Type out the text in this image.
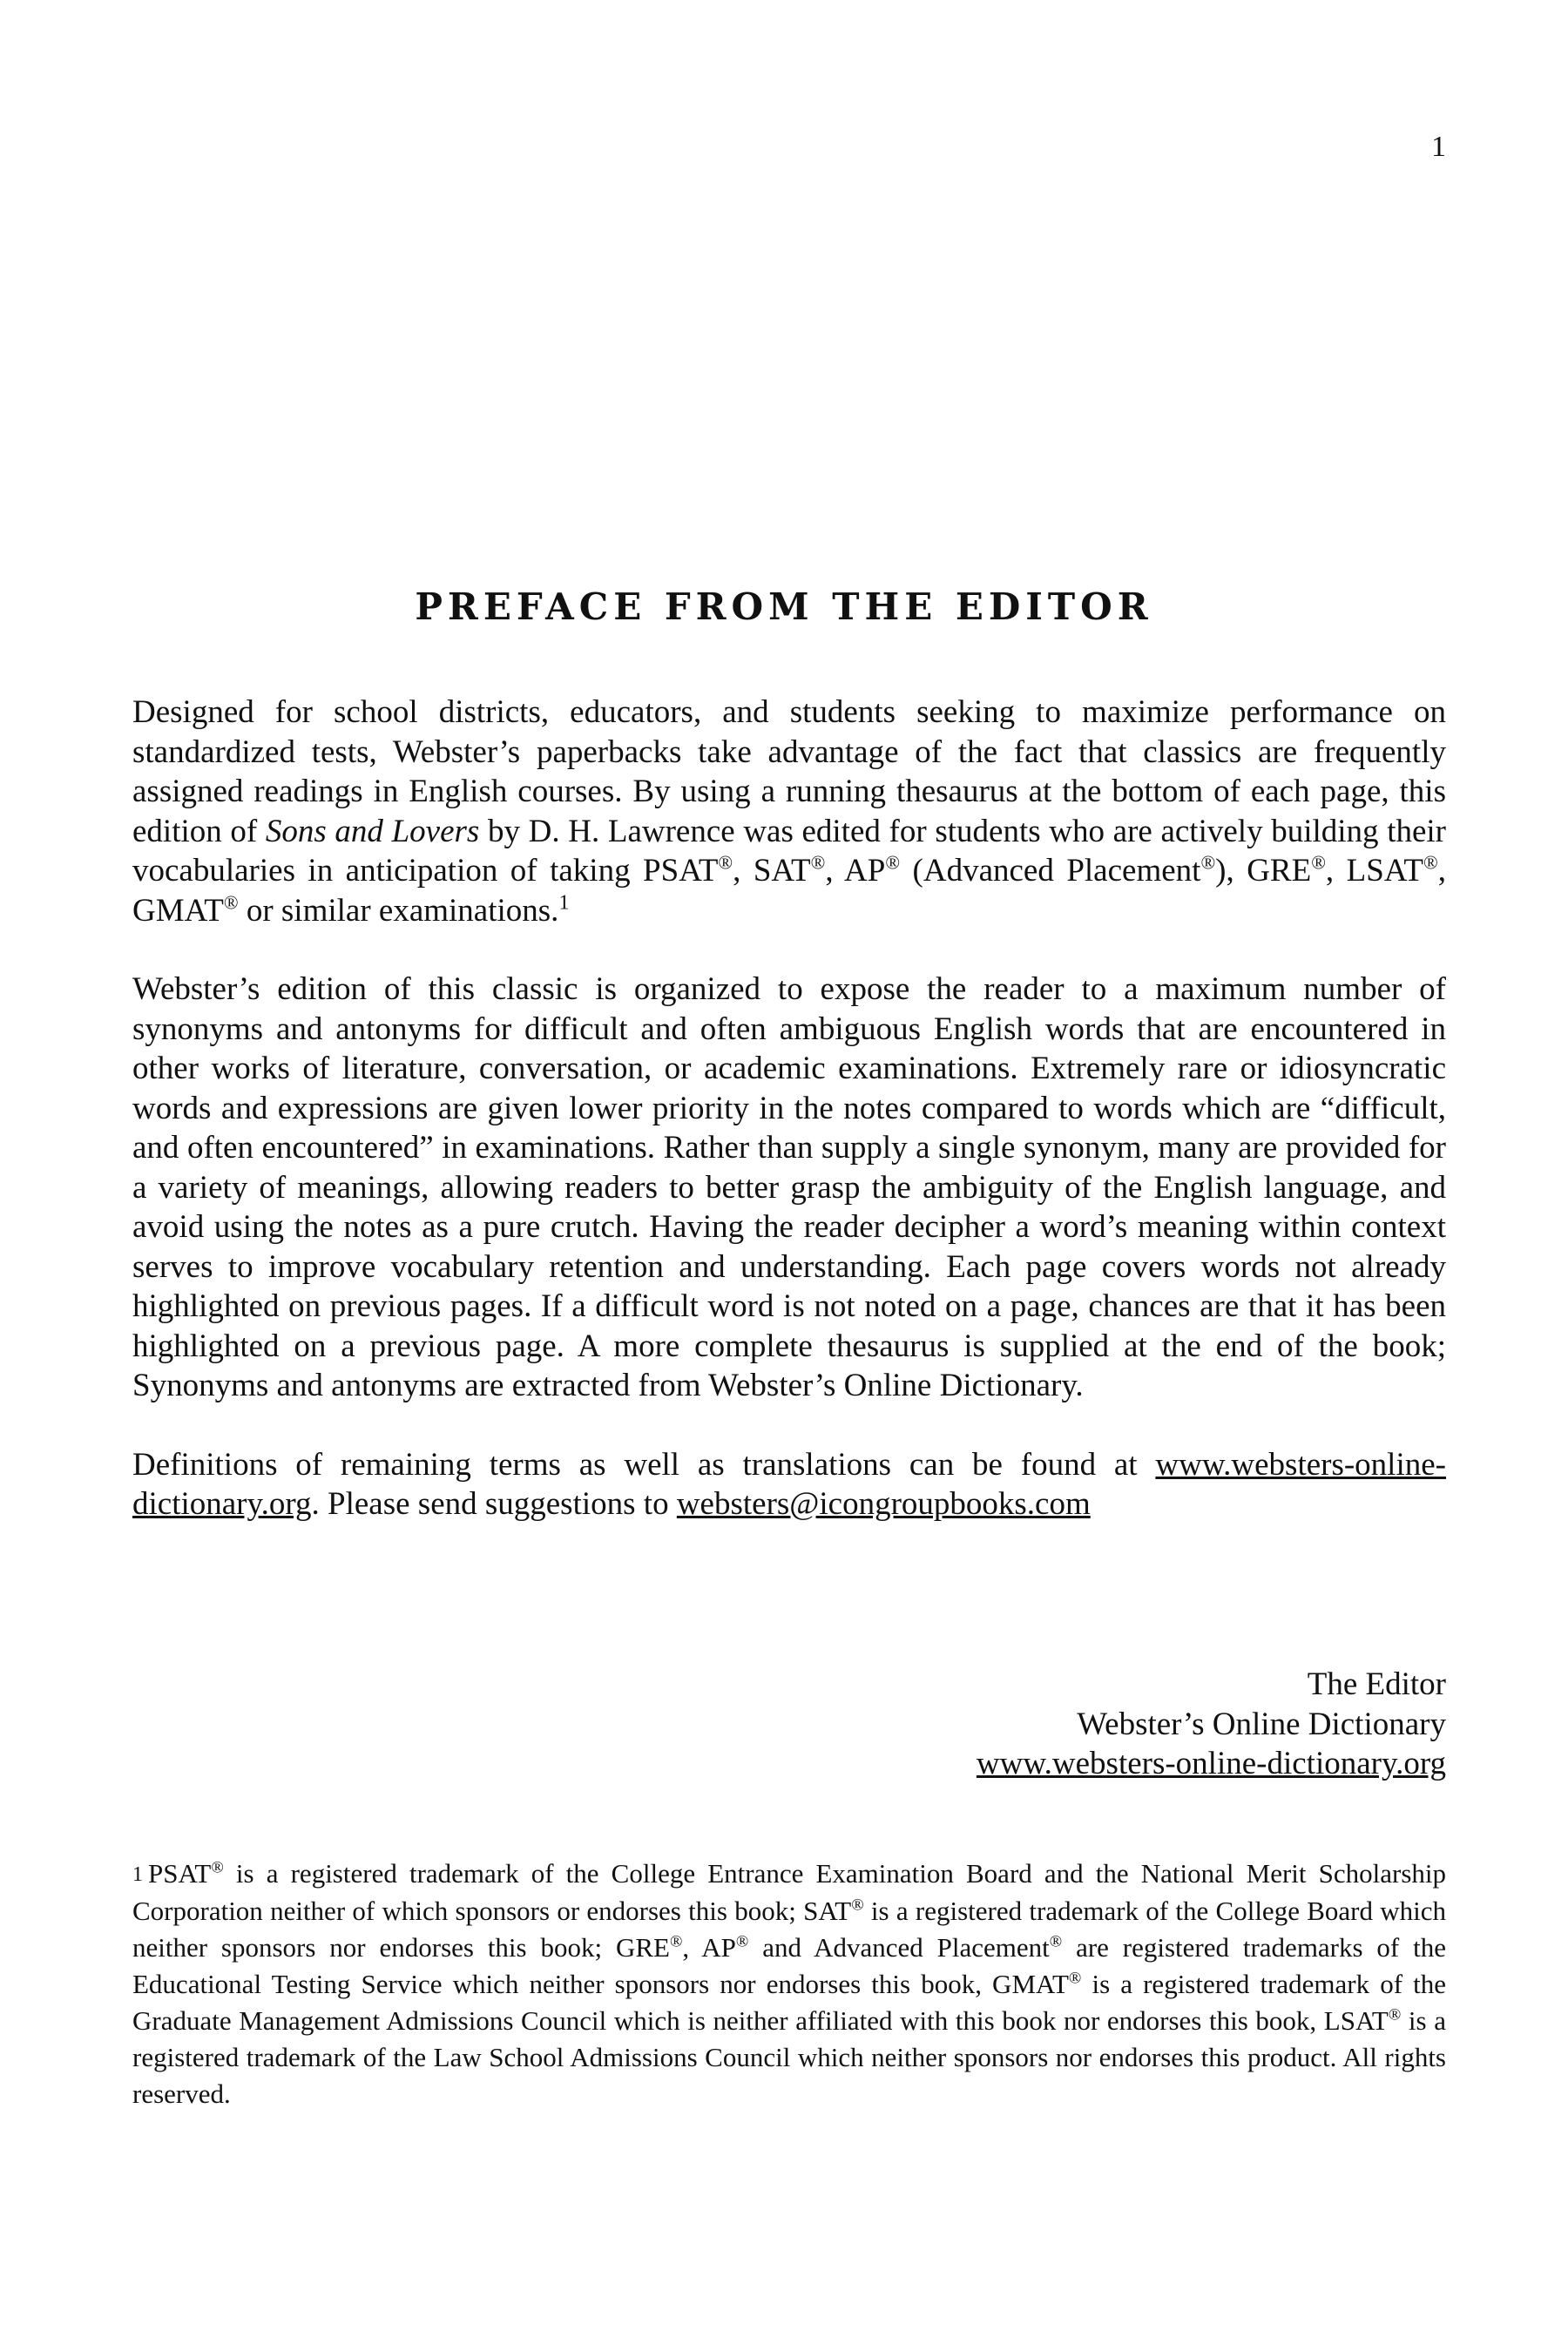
1
PREFACE FROM THE EDITOR

Designed for school districts, educators, and students seeking to maximize performance on standardized tests, Webster’s paperbacks take advantage of the fact that classics are frequently assigned readings in English courses. By using a running thesaurus at the bottom of each page, this edition of Sons and Lovers by D. H. Lawrence was edited for students who are actively building their vocabularies in anticipation of taking PSAT®, SAT®, AP® (Advanced Placement®), GRE®, LSAT®, GMAT® or similar examinations.$^1$

Webster’s edition of this classic is organized to expose the reader to a maximum number of synonyms and antonyms for difficult and often ambiguous English words that are encountered in other works of literature, conversation, or academic examinations. Extremely rare or idiosyncratic words and expressions are given lower priority in the notes compared to words which are “difficult, and often encountered” in examinations. Rather than supply a single synonym, many are provided for a variety of meanings, allowing readers to better grasp the ambiguity of the English language, and avoid using the notes as a pure crutch. Having the reader decipher a word’s meaning within context serves to improve vocabulary retention and understanding. Each page covers words not already highlighted on previous pages. If a difficult word is not noted on a page, chances are that it has been highlighted on a previous page. A more complete thesaurus is supplied at the end of the book; Synonyms and antonyms are extracted from Webster’s Online Dictionary.

Definitions of remaining terms as well as translations can be found at www.websters-online-dictionary.org. Please send suggestions to websters@icongroupbooks.com

The Editor
Webster’s Online Dictionary
www.websters-online-dictionary.org
1 PSAT® is a registered trademark of the College Entrance Examination Board and the National Merit Scholarship Corporation neither of which sponsors or endorses this book; SAT® is a registered trademark of the College Board which neither sponsors nor endorses this book; GRE®, AP® and Advanced Placement® are registered trademarks of the Educational Testing Service which neither sponsors nor endorses this book, GMAT® is a registered trademark of the Graduate Management Admissions Council which is neither affiliated with this book nor endorses this book, LSAT® is a registered trademark of the Law School Admissions Council which neither sponsors nor endorses this product. All rights reserved.
